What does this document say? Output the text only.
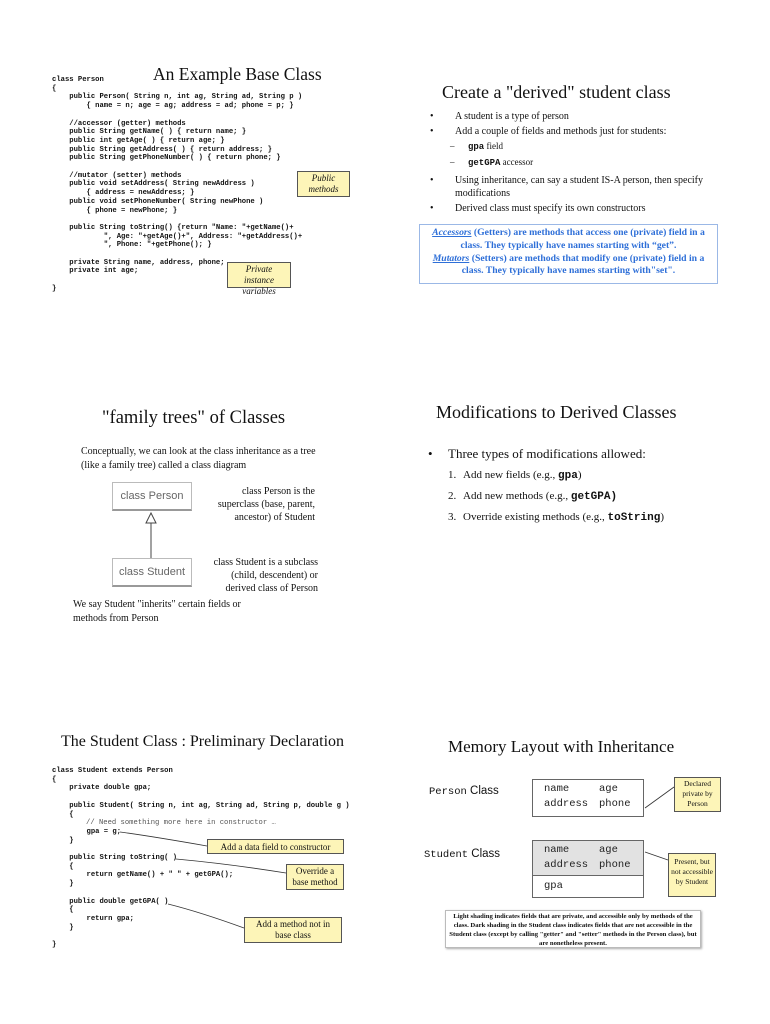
An Example Base Class
class Person
{
public Person( String n, int ag, String ad, String p )
{ name = n; age = ag; address = ad; phone = p; }

//accessor (getter) methods
public String getName( ) { return name; }
public int getAge( ) { return age; }
public String getAddress( ) { return address; }
public String getPhoneNumber( ) { return phone; }

//mutator (setter) methods
public void setAddress( String newAddress )
{ address = newAddress; }
public void setPhoneNumber( String newPhone )
{ phone = newPhone; }

public String toString() {return "Name: "+getName()+
", Age: "+getAge()+", Address: "+getAddress()+
", Phone: "+getPhone(); }

private String name, address, phone;
private int age;

}
Public methods
Private instance variables
Create a "derived" student class
• A student is a type of person
• Add a couple of fields and methods just for students:
– gpa field
– getGPA accessor
• Using inheritance, can say a student IS-A person, then specify modifications
• Derived class must specify its own constructors
Accessors (Getters) are methods that access one (private) field in a class. They typically have names starting with “get”.
Mutators (Setters) are methods that modify one (private) field in a class. They typically have names starting with"set".
"family trees" of Classes
Conceptually, we can look at the class inheritance as a tree (like a family tree) called a class diagram
class Person
class Student
class Person is the superclass (base, parent, ancestor) of Student
class Student is a subclass (child, descendent) or derived class of Person
We say Student "inherits" certain fields or methods from Person
Modifications to Derived Classes
• Three types of modifications allowed:
1. Add new fields (e.g., gpa)
2. Add new methods (e.g., getGPA)
3. Override existing methods (e.g., toString)
The Student Class : Preliminary Declaration
class Student extends Person
{
private double gpa;

public Student( String n, int ag, String ad, String p, double g )
{

gpa = g;
}

public String toString( )
{
return getName() + " " + getGPA();
}

public double getGPA( )
{
return gpa;
}

}
// Need something more here in constructor …
Add a data field to constructor
Override a base method
Add a method not in base class
Memory Layout with Inheritance
Person Class
Student Class
name	age
address phone
name	age
address phone
gpa
Declared private by Person
Present, but not accessible by Student
Light shading indicates fields that are private, and accessible only by methods of the class. Dark shading in the Student class indicates fields that are not accessible in the Student class (except by calling "getter" and "setter" methods in the Person class), but are nonetheless present.
